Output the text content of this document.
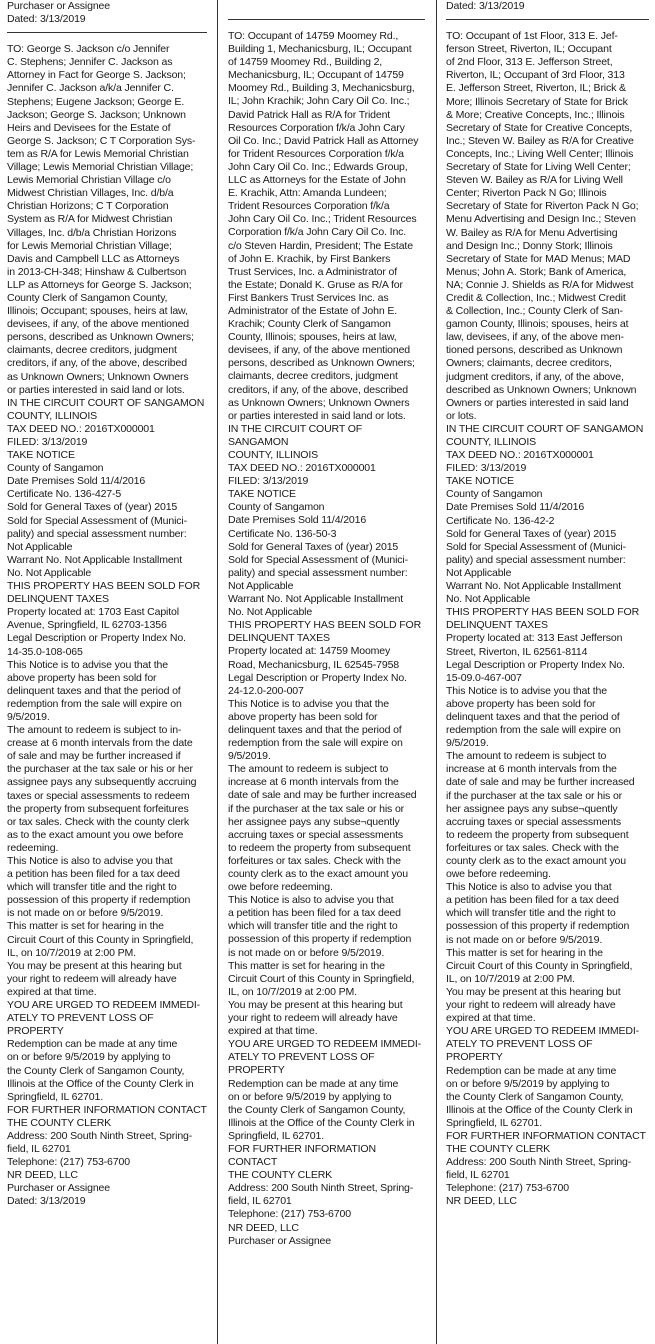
Purchaser or Assignee
Dated: 3/13/2019

TO: George S. Jackson c/o Jennifer
C. Stephens; Jennifer C. Jackson as
Attorney in Fact for George S. Jackson;
Jennifer C. Jackson a/k/a Jennifer C.
Stephens; Eugene Jackson; George E.
Jackson; George S. Jackson; Unknown
Heirs and Devisees for the Estate of
George S. Jackson; C T Corporation Sys-
tem as R/A for Lewis Memorial Christian
Village; Lewis Memorial Christian Village;
Lewis Memorial Christian Village c/o
Midwest Christian Villages, Inc. d/b/a
Christian Horizons; C T Corporation
System as R/A for Midwest Christian
Villages, Inc. d/b/a Christian Horizons
for Lewis Memorial Christian Village;
Davis and Campbell LLC as Attorneys
in 2013-CH-348; Hinshaw & Culbertson
LLP as Attorneys for George S. Jackson;
County Clerk of Sangamon County,
Illinois; Occupant; spouses, heirs at law,
devisees, if any, of the above mentioned
persons, described as Unknown Owners;
claimants, decree creditors, judgment
creditors, if any, of the above, described
as Unknown Owners; Unknown Owners
or parties interested in said land or lots.

IN THE CIRCUIT COURT OF SANGAMON
COUNTY, ILLINOIS
TAX DEED NO.: 2016TX000001
FILED: 3/13/2019
TAKE NOTICE
County of Sangamon
Date Premises Sold 11/4/2016
Certificate No. 136-427-5
Sold for General Taxes of (year) 2015
Sold for Special Assessment of (Munici-
pality) and special assessment number:
Not Applicable
Warrant No. Not Applicable Installment
No. Not Applicable
THIS PROPERTY HAS BEEN SOLD FOR
DELINQUENT TAXES

Property located at: 1703 East Capitol
Avenue, Springfield, IL 62703-1356
Legal Description or Property Index No.
14-35.0-108-065

This Notice is to advise you that the
above property has been sold for
delinquent taxes and that the period of
redemption from the sale will expire on
9/5/2019.

The amount to redeem is subject to in-
crease at 6 month intervals from the date
of sale and may be further increased if
the purchaser at the tax sale or his or her
assignee pays any subsequently accruing
taxes or special assessments to redeem
the property from subsequent forfeitures
or tax sales. Check with the county clerk
as to the exact amount you owe before
redeeming.

This Notice is also to advise you that
a petition has been filed for a tax deed
which will transfer title and the right to
possession of this property if redemption
is not made on or before 9/5/2019.

This matter is set for hearing in the
Circuit Court of this County in Springfield,
IL, on 10/7/2019 at 2:00 PM.

You may be present at this hearing but
your right to redeem will already have
expired at that time.

YOU ARE URGED TO REDEEM IMMEDI-
ATELY TO PREVENT LOSS OF PROPERTY

Redemption can be made at any time
on or before 9/5/2019 by applying to
the County Clerk of Sangamon County,
Illinois at the Office of the County Clerk in
Springfield, IL 62701.

FOR FURTHER INFORMATION CONTACT
THE COUNTY CLERK
Address: 200 South Ninth Street, Spring-
field, IL 62701
Telephone: (217) 753-6700
NR DEED, LLC
Purchaser or Assignee
Dated: 3/13/2019

TO: Occupant of 14759 Moomey Rd.,
Building 1, Mechanicsburg, IL; Occupant
of 14759 Moomey Rd., Building 2,
Mechanicsburg, IL; Occupant of 14759
Moomey Rd., Building 3, Mechanicsburg,
IL; John Krachik; John Cary Oil Co. Inc.;
David Patrick Hall as R/A for Trident
Resources Corporation f/k/a John Cary
Oil Co. Inc.; David Patrick Hall as Attorney
for Trident Resources Corporation f/k/a
John Cary Oil Co. Inc.; Edwards Group,
LLC as Attorneys for the Estate of John
E. Krachik, Attn: Amanda Lundeen;
Trident Resources Corporation f/k/a
John Cary Oil Co. Inc.; Trident Resources
Corporation f/k/a John Cary Oil Co. Inc.
c/o Steven Hardin, President; The Estate
of John E. Krachik, by First Bankers
Trust Services, Inc. a Administrator of
the Estate; Donald K. Gruse as R/A for
First Bankers Trust Services Inc. as
Administrator of the Estate of John E.
Krachik; County Clerk of Sangamon
County, Illinois; spouses, heirs at law,
devisees, if any, of the above mentioned
persons, described as Unknown Owners;
claimants, decree creditors, judgment
creditors, if any, of the above, described
as Unknown Owners; Unknown Owners
or parties interested in said land or lots.

IN THE CIRCUIT COURT OF SANGAMON
COUNTY, ILLINOIS
TAX DEED NO.: 2016TX000001
FILED: 3/13/2019
TAKE NOTICE
County of Sangamon
Date Premises Sold 11/4/2016
Certificate No. 136-50-3
Sold for General Taxes of (year) 2015
Sold for Special Assessment of (Munici-
pality) and special assessment number:
Not Applicable
Warrant No. Not Applicable Installment
No. Not Applicable
THIS PROPERTY HAS BEEN SOLD FOR
DELINQUENT TAXES

Property located at: 14759 Moomey
Road, Mechanicsburg, IL 62545-7958
Legal Description or Property Index No.
24-12.0-200-007

This Notice is to advise you that the
above property has been sold for
delinquent taxes and that the period of
redemption from the sale will expire on
9/5/2019.

The amount to redeem is subject to
increase at 6 month intervals from the
date of sale and may be further increased
if the purchaser at the tax sale or his or
her assignee pays any subse¬quently
accruing taxes or special assessments
to redeem the property from subsequent
forfeitures or tax sales. Check with the
county clerk as to the exact amount you
owe before redeeming.

This Notice is also to advise you that
a petition has been filed for a tax deed
which will transfer title and the right to
possession of this property if redemption
is not made on or before 9/5/2019.

This matter is set for hearing in the
Circuit Court of this County in Springfield,
IL, on 10/7/2019 at 2:00 PM.

You may be present at this hearing but
your right to redeem will already have
expired at that time.

YOU ARE URGED TO REDEEM IMMEDI-
ATELY TO PREVENT LOSS OF PROPERTY

Redemption can be made at any time
on or before 9/5/2019 by applying to
the County Clerk of Sangamon County,
Illinois at the Office of the County Clerk in
Springfield, IL 62701.

FOR FURTHER INFORMATION CONTACT
THE COUNTY CLERK
Address: 200 South Ninth Street, Spring-
field, IL 62701
Telephone: (217) 753-6700
NR DEED, LLC
Purchaser or Assignee

Dated: 3/13/2019

TO: Occupant of 1st Floor, 313 E. Jef-
ferson Street, Riverton, IL; Occupant
of 2nd Floor, 313 E. Jefferson Street,
Riverton, IL; Occupant of 3rd Floor, 313
E. Jefferson Street, Riverton, IL; Brick &
More; Illinois Secretary of State for Brick
& More; Creative Concepts, Inc.; Illinois
Secretary of State for Creative Concepts,
Inc.; Steven W. Bailey as R/A for Creative
Concepts, Inc.; Living Well Center; Illinois
Secretary of State for Living Well Center;
Steven W. Bailey as R/A for Living Well
Center; Riverton Pack N Go; Illinois
Secretary of State for Riverton Pack N Go;
Menu Advertising and Design Inc.; Steven
W. Bailey as R/A for Menu Advertising
and Design Inc.; Donny Stork; Illinois
Secretary of State for MAD Menus; MAD
Menus; John A. Stork; Bank of America,
NA; Connie J. Shields as R/A for Midwest
Credit & Collection, Inc.; Midwest Credit
& Collection, Inc.; County Clerk of San-
gamon County, Illinois; spouses, heirs at
law, devisees, if any, of the above men-
tioned persons, described as Unknown
Owners; claimants, decree creditors,
judgment creditors, if any, of the above,
described as Unknown Owners; Unknown
Owners or parties interested in said land
or lots.

IN THE CIRCUIT COURT OF SANGAMON
COUNTY, ILLINOIS
TAX DEED NO.: 2016TX000001
FILED: 3/13/2019
TAKE NOTICE
County of Sangamon
Date Premises Sold 11/4/2016
Certificate No. 136-42-2
Sold for General Taxes of (year) 2015
Sold for Special Assessment of (Munici-
pality) and special assessment number:
Not Applicable
Warrant No. Not Applicable Installment
No. Not Applicable
THIS PROPERTY HAS BEEN SOLD FOR
DELINQUENT TAXES

Property located at: 313 East Jefferson
Street, Riverton, IL 62561-8114
Legal Description or Property Index No.
15-09.0-467-007

This Notice is to advise you that the
above property has been sold for
delinquent taxes and that the period of
redemption from the sale will expire on
9/5/2019.

The amount to redeem is subject to
increase at 6 month intervals from the
date of sale and may be further increased
if the purchaser at the tax sale or his or
her assignee pays any subse¬quently
accruing taxes or special assessments
to redeem the property from subsequent
forfeitures or tax sales. Check with the
county clerk as to the exact amount you
owe before redeeming.

This Notice is also to advise you that
a petition has been filed for a tax deed
which will transfer title and the right to
possession of this property if redemption
is not made on or before 9/5/2019.

This matter is set for hearing in the
Circuit Court of this County in Springfield,
IL, on 10/7/2019 at 2:00 PM.

You may be present at this hearing but
your right to redeem will already have
expired at that time.

YOU ARE URGED TO REDEEM IMMEDI-
ATELY TO PREVENT LOSS OF PROPERTY

Redemption can be made at any time
on or before 9/5/2019 by applying to
the County Clerk of Sangamon County,
Illinois at the Office of the County Clerk in
Springfield, IL 62701.

FOR FURTHER INFORMATION CONTACT
THE COUNTY CLERK
Address: 200 South Ninth Street, Spring-
field, IL 62701
Telephone: (217) 753-6700
NR DEED, LLC
